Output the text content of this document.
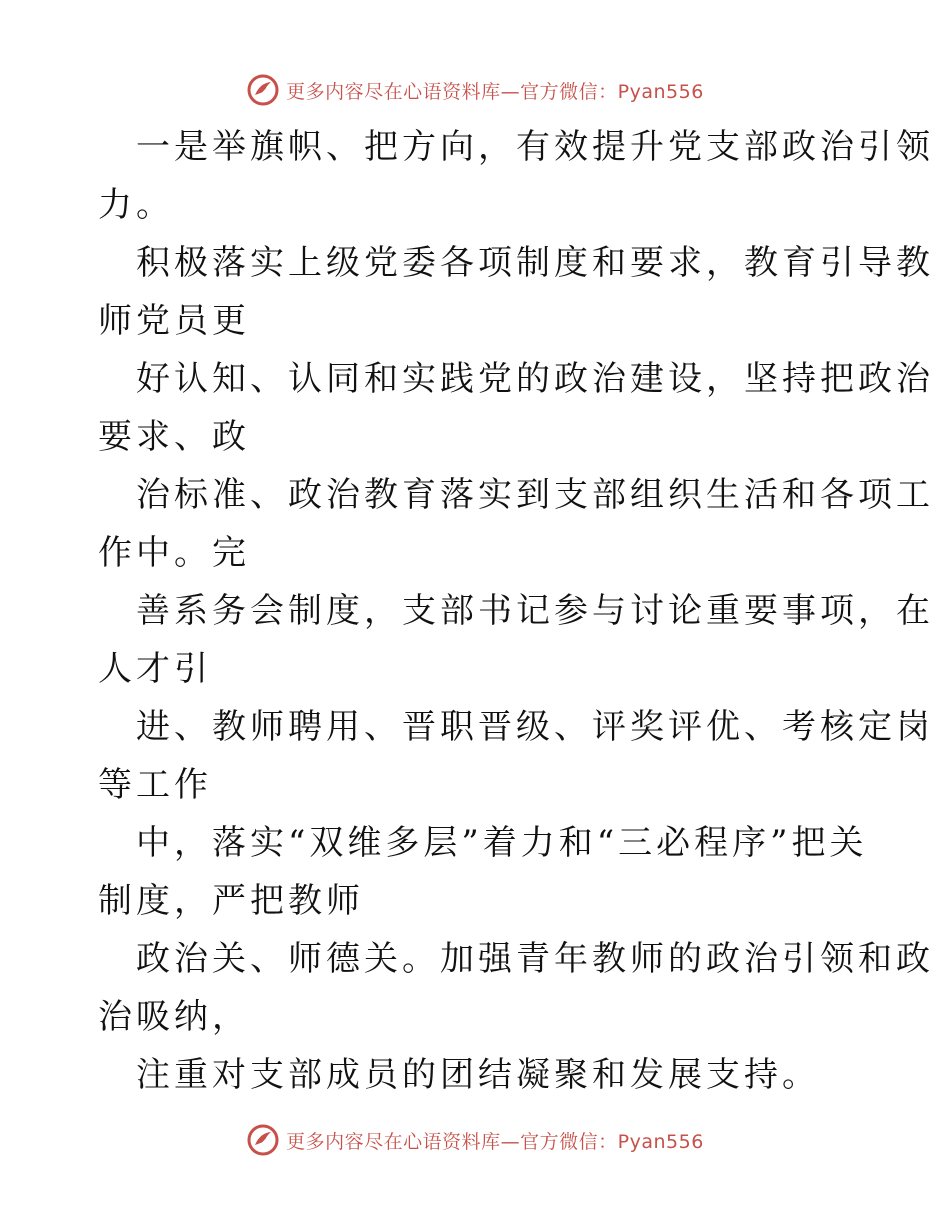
更多内容尽在心语资料库—官方微信：Pyan556
一是举旗帜、把方向，有效提升党支部政治引领
力。
积极落实上级党委各项制度和要求，教育引导教
师党员更
好认知、认同和实践党的政治建设，坚持把政治
要求、政
治标准、政治教育落实到支部组织生活和各项工
作中。完
善系务会制度，支部书记参与讨论重要事项，在
人才引
进、教师聘用、晋职晋级、评奖评优、考核定岗
等工作
中，落实“双维多层”着力和“三必程序”把关
制度，严把教师
政治关、师德关。加强青年教师的政治引领和政
治吸纳，
注重对支部成员的团结凝聚和发展支持。
更多内容尽在心语资料库—官方微信：Pyan556
